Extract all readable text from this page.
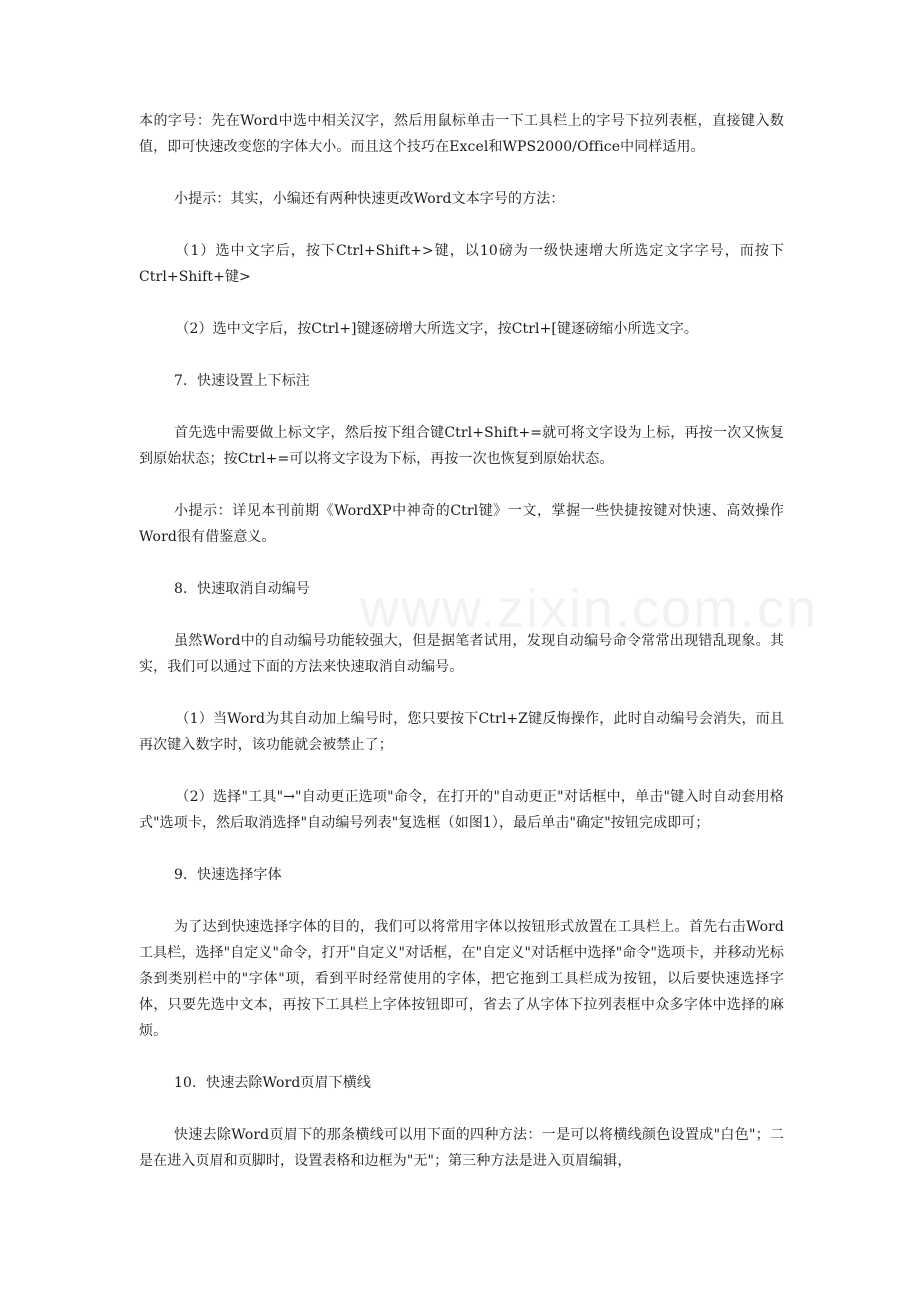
www.zixin.com.cn

本的字号：先在Word中选中相关汉字，然后用鼠标单击一下工具栏上的字号下拉列表框，直接键入数值，即可快速改变您的字体大小。而且这个技巧在Excel和WPS2000/Office中同样适用。

小提示：其实，小编还有两种快速更改Word文本字号的方法：

（1）选中文字后，按下Ctrl+Shift+>键，以10磅为一级快速增大所选定文字字号，而按下Ctrl+Shift+键>

（2）选中文字后，按Ctrl+]键逐磅增大所选文字，按Ctrl+[键逐磅缩小所选文字。

7．快速设置上下标注

首先选中需要做上标文字，然后按下组合键Ctrl+Shift+=就可将文字设为上标，再按一次又恢复到原始状态；按Ctrl+=可以将文字设为下标，再按一次也恢复到原始状态。

小提示：详见本刊前期《WordXP中神奇的Ctrl键》一文，掌握一些快捷按键对快速、高效操作Word很有借鉴意义。

8．快速取消自动编号

虽然Word中的自动编号功能较强大，但是据笔者试用，发现自动编号命令常常出现错乱现象。其实，我们可以通过下面的方法来快速取消自动编号。

（1）当Word为其自动加上编号时，您只要按下Ctrl+Z键反悔操作，此时自动编号会消失，而且再次键入数字时，该功能就会被禁止了；

（2）选择"工具"→"自动更正选项"命令，在打开的"自动更正"对话框中，单击"键入时自动套用格式"选项卡，然后取消选择"自动编号列表"复选框（如图1），最后单击"确定"按钮完成即可；

9．快速选择字体

为了达到快速选择字体的目的，我们可以将常用字体以按钮形式放置在工具栏上。首先右击Word工具栏，选择"自定义"命令，打开"自定义"对话框，在"自定义"对话框中选择"命令"选项卡，并移动光标条到类别栏中的"字体"项，看到平时经常使用的字体，把它拖到工具栏成为按钮，以后要快速选择字体，只要先选中文本，再按下工具栏上字体按钮即可，省去了从字体下拉列表框中众多字体中选择的麻烦。

10．快速去除Word页眉下横线

快速去除Word页眉下的那条横线可以用下面的四种方法：一是可以将横线颜色设置成"白色"；二是在进入页眉和页脚时，设置表格和边框为"无"；第三种方法是进入页眉编辑，
